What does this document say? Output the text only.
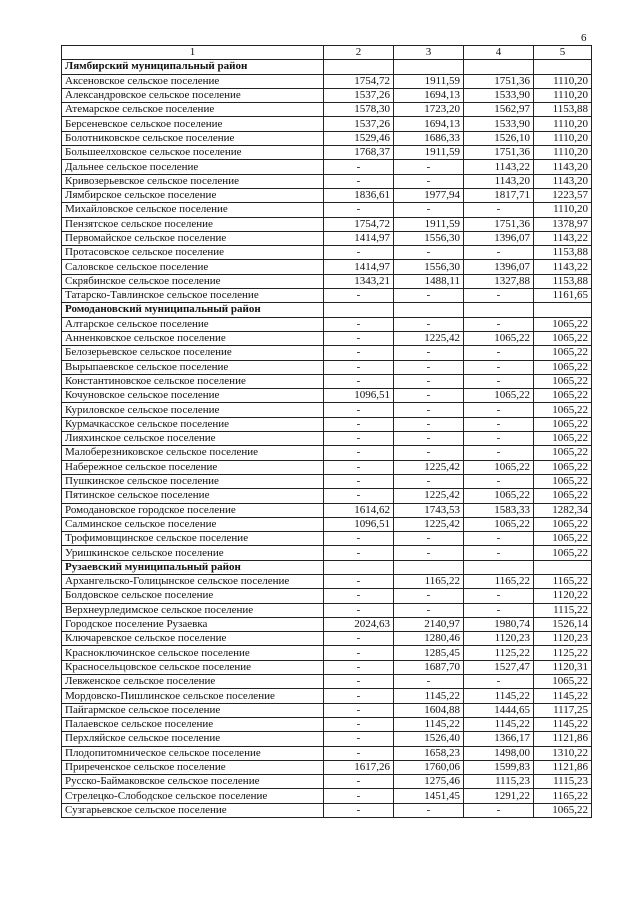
6
1	2	3	4	5
Лямбирский муниципальный район				
Аксеновское сельское поселение	1754,72	1911,59	1751,36	1110,20
Александровское сельское поселение	1537,26	1694,13	1533,90	1110,20
Атемарское сельское поселение	1578,30	1723,20	1562,97	1153,88
Берсеневское сельское поселение	1537,26	1694,13	1533,90	1110,20
Болотниковское сельское поселение	1529,46	1686,33	1526,10	1110,20
Большеелховское сельское поселение	1768,37	1911,59	1751,36	1110,20
Дальнее сельское поселение	-	-	1143,22	1143,20
Кривозерьевское сельское поселение	-	-	1143,20	1143,20
Лямбирское сельское поселение	1836,61	1977,94	1817,71	1223,57
Михайловское сельское поселение	-	-	-	1110,20
Пензятское сельское поселение	1754,72	1911,59	1751,36	1378,97
Первомайское сельское поселение	1414,97	1556,30	1396,07	1143,22
Протасовское сельское поселение	-	-	-	1153,88
Саловское сельское поселение	1414,97	1556,30	1396,07	1143,22
Скрябинское сельское поселение	1343,21	1488,11	1327,88	1153,88
Татарско-Тавлинское сельское поселение	-	-	-	1161,65
Ромодановский муниципальный район				
Алтарское сельское поселение	-	-	-	1065,22
Анненковское сельское поселение	-	1225,42	1065,22	1065,22
Белозерьевское сельское поселение	-	-	-	1065,22
Вырыпаевское сельское поселение	-	-	-	1065,22
Константиновское сельское поселение	-	-	-	1065,22
Кочуновское сельское поселение	1096,51	-	1065,22	1065,22
Куриловское сельское поселение	-	-	-	1065,22
Курмачкасское сельское поселение	-	-	-	1065,22
Лияхинское сельское поселение	-	-	-	1065,22
Малоберезниковское сельское поселение	-	-	-	1065,22
Набережное сельское поселение	-	1225,42	1065,22	1065,22
Пушкинское сельское поселение	-	-	-	1065,22
Пятинское сельское поселение	-	1225,42	1065,22	1065,22
Ромодановское городское поселение	1614,62	1743,53	1583,33	1282,34
Салминское сельское поселение	1096,51	1225,42	1065,22	1065,22
Трофимовщинское сельское поселение	-	-	-	1065,22
Уришкинское сельское поселение	-	-	-	1065,22
Рузаевский муниципальный район				
Архангельско-Голицынское сельское поселение	-	1165,22	1165,22	1165,22
Болдовское сельское поселение	-	-	-	1120,22
Верхнеурледимское сельское поселение	-	-	-	1115,22
Городское поселение Рузаевка	2024,63	2140,97	1980,74	1526,14
Ключаревское сельское поселение	-	1280,46	1120,23	1120,23
Красноключинское сельское поселение	-	1285,45	1125,22	1125,22
Красносельцовское сельское поселение	-	1687,70	1527,47	1120,31
Левженское сельское поселение	-	-	-	1065,22
Мордовско-Пишлинское сельское поселение	-	1145,22	1145,22	1145,22
Пайгармское сельское поселение	-	1604,88	1444,65	1117,25
Палаевское сельское поселение	-	1145,22	1145,22	1145,22
Перхляйское сельское поселение	-	1526,40	1366,17	1121,86
Плодопитомническое сельское поселение	-	1658,23	1498,00	1310,22
Приреченское сельское поселение	1617,26	1760,06	1599,83	1121,86
Русско-Баймаковское сельское поселение	-	1275,46	1115,23	1115,23
Стрелецко-Слободское сельское поселение	-	1451,45	1291,22	1165,22
Сузгарьевское сельское поселение	-	-	-	1065,22
